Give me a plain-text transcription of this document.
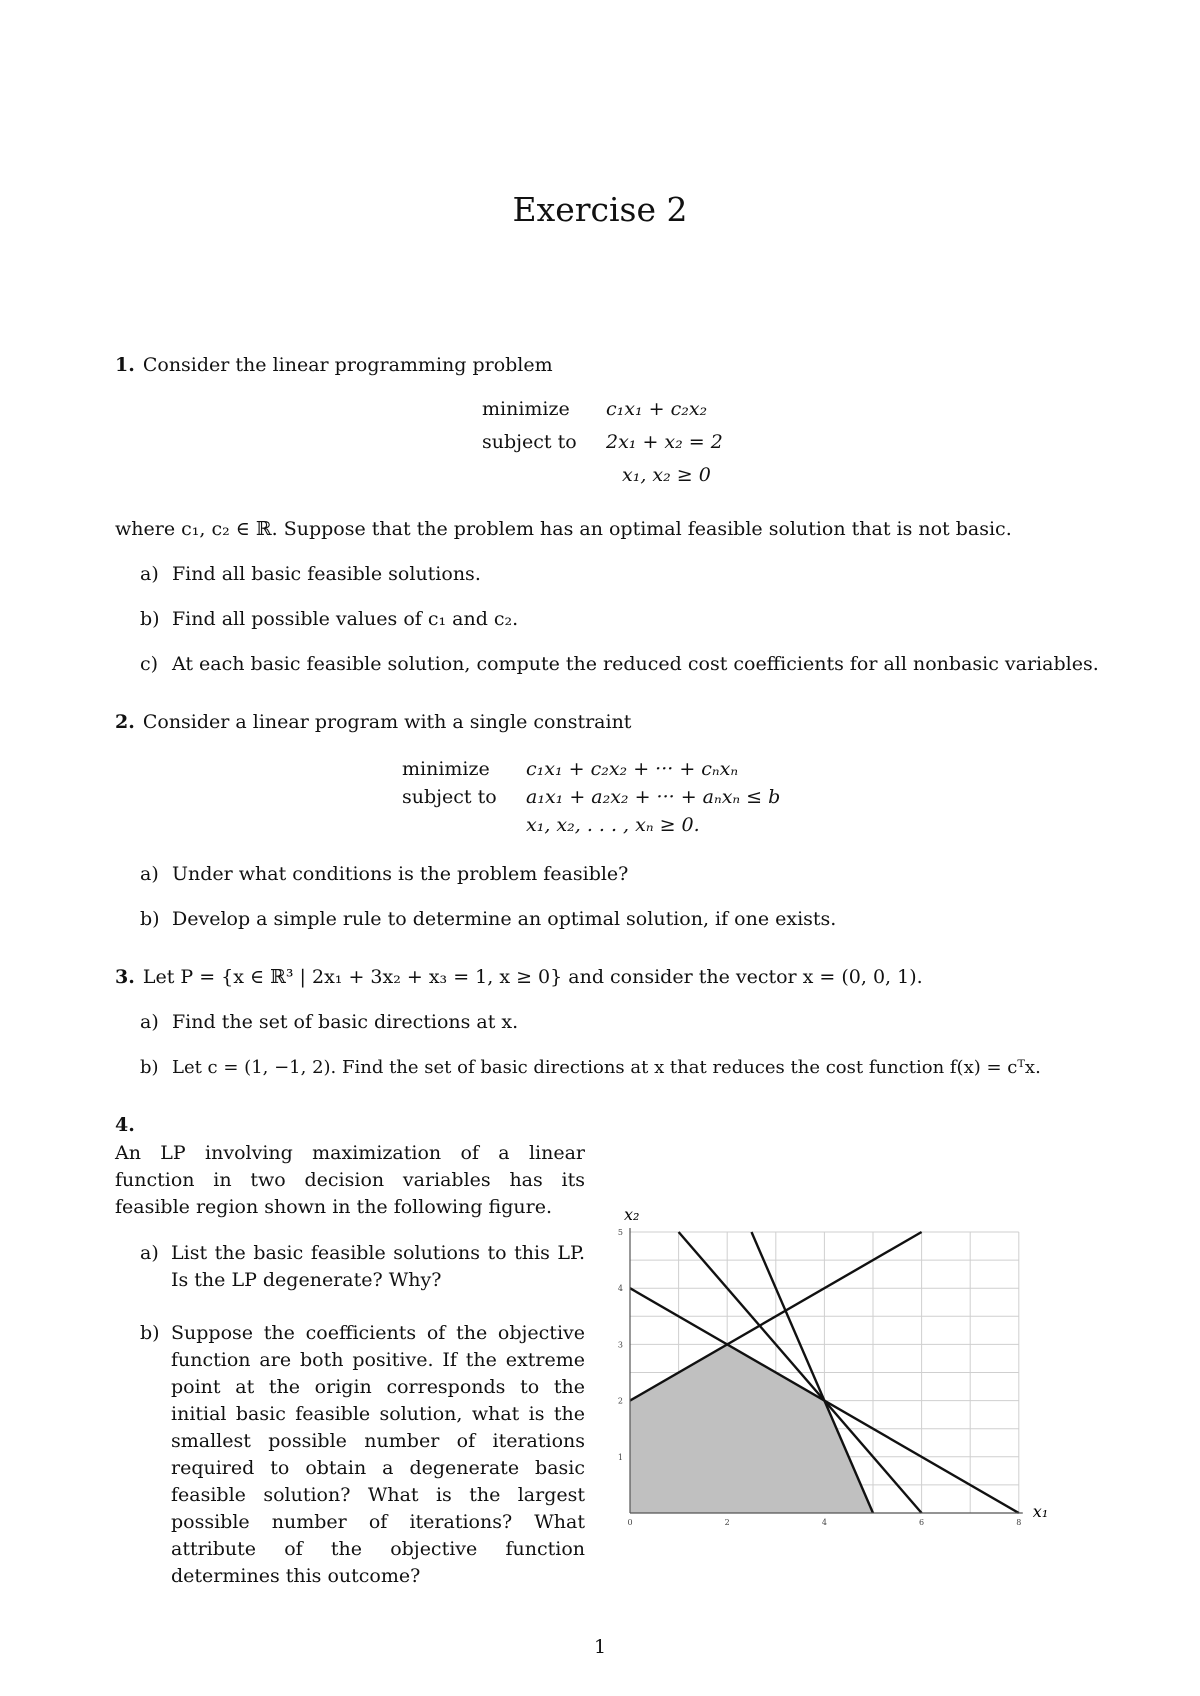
Exercise 2
1. Consider the linear programming problem
minimize c₁x₁ + c₂x₂
subject to 2x₁ + x₂ = 2
x₁, x₂ ≥ 0
where c₁, c₂ ∈ ℝ. Suppose that the problem has an optimal feasible solution that is not basic.
a) Find all basic feasible solutions.
b) Find all possible values of c₁ and c₂.
c) At each basic feasible solution, compute the reduced cost coefficients for all nonbasic variables.
2. Consider a linear program with a single constraint
minimize c₁x₁ + c₂x₂ + ··· + cₙxₙ
subject to a₁x₁ + a₂x₂ + ··· + aₙxₙ ≤ b
x₁, x₂, . . . , xₙ ≥ 0.
a) Under what conditions is the problem feasible?
b) Develop a simple rule to determine an optimal solution, if one exists.
3. Let P = {x ∈ ℝ³ | 2x₁ + 3x₂ + x₃ = 1, x ≥ 0} and consider the vector x = (0, 0, 1).
a) Find the set of basic directions at x.
b) Let c = (1, −1, 2). Find the set of basic directions at x that reduces the cost function f(x) = cᵀx.
4.
An LP involving maximization of a linear function in two decision variables has its feasible region shown in the following figure.
a) List the basic feasible solutions to this LP. Is the LP degenerate? Why?
b) Suppose the coefficients of the objective function are both positive. If the extreme point at the origin corresponds to the initial basic feasible solution, what is the smallest possible number of iterations required to obtain a degenerate basic feasible solution? What is the largest possible number of iterations? What attribute of the objective function determines this outcome?
0	2	4	6	8
1
2
3
4
5
x₁
x₂
1
